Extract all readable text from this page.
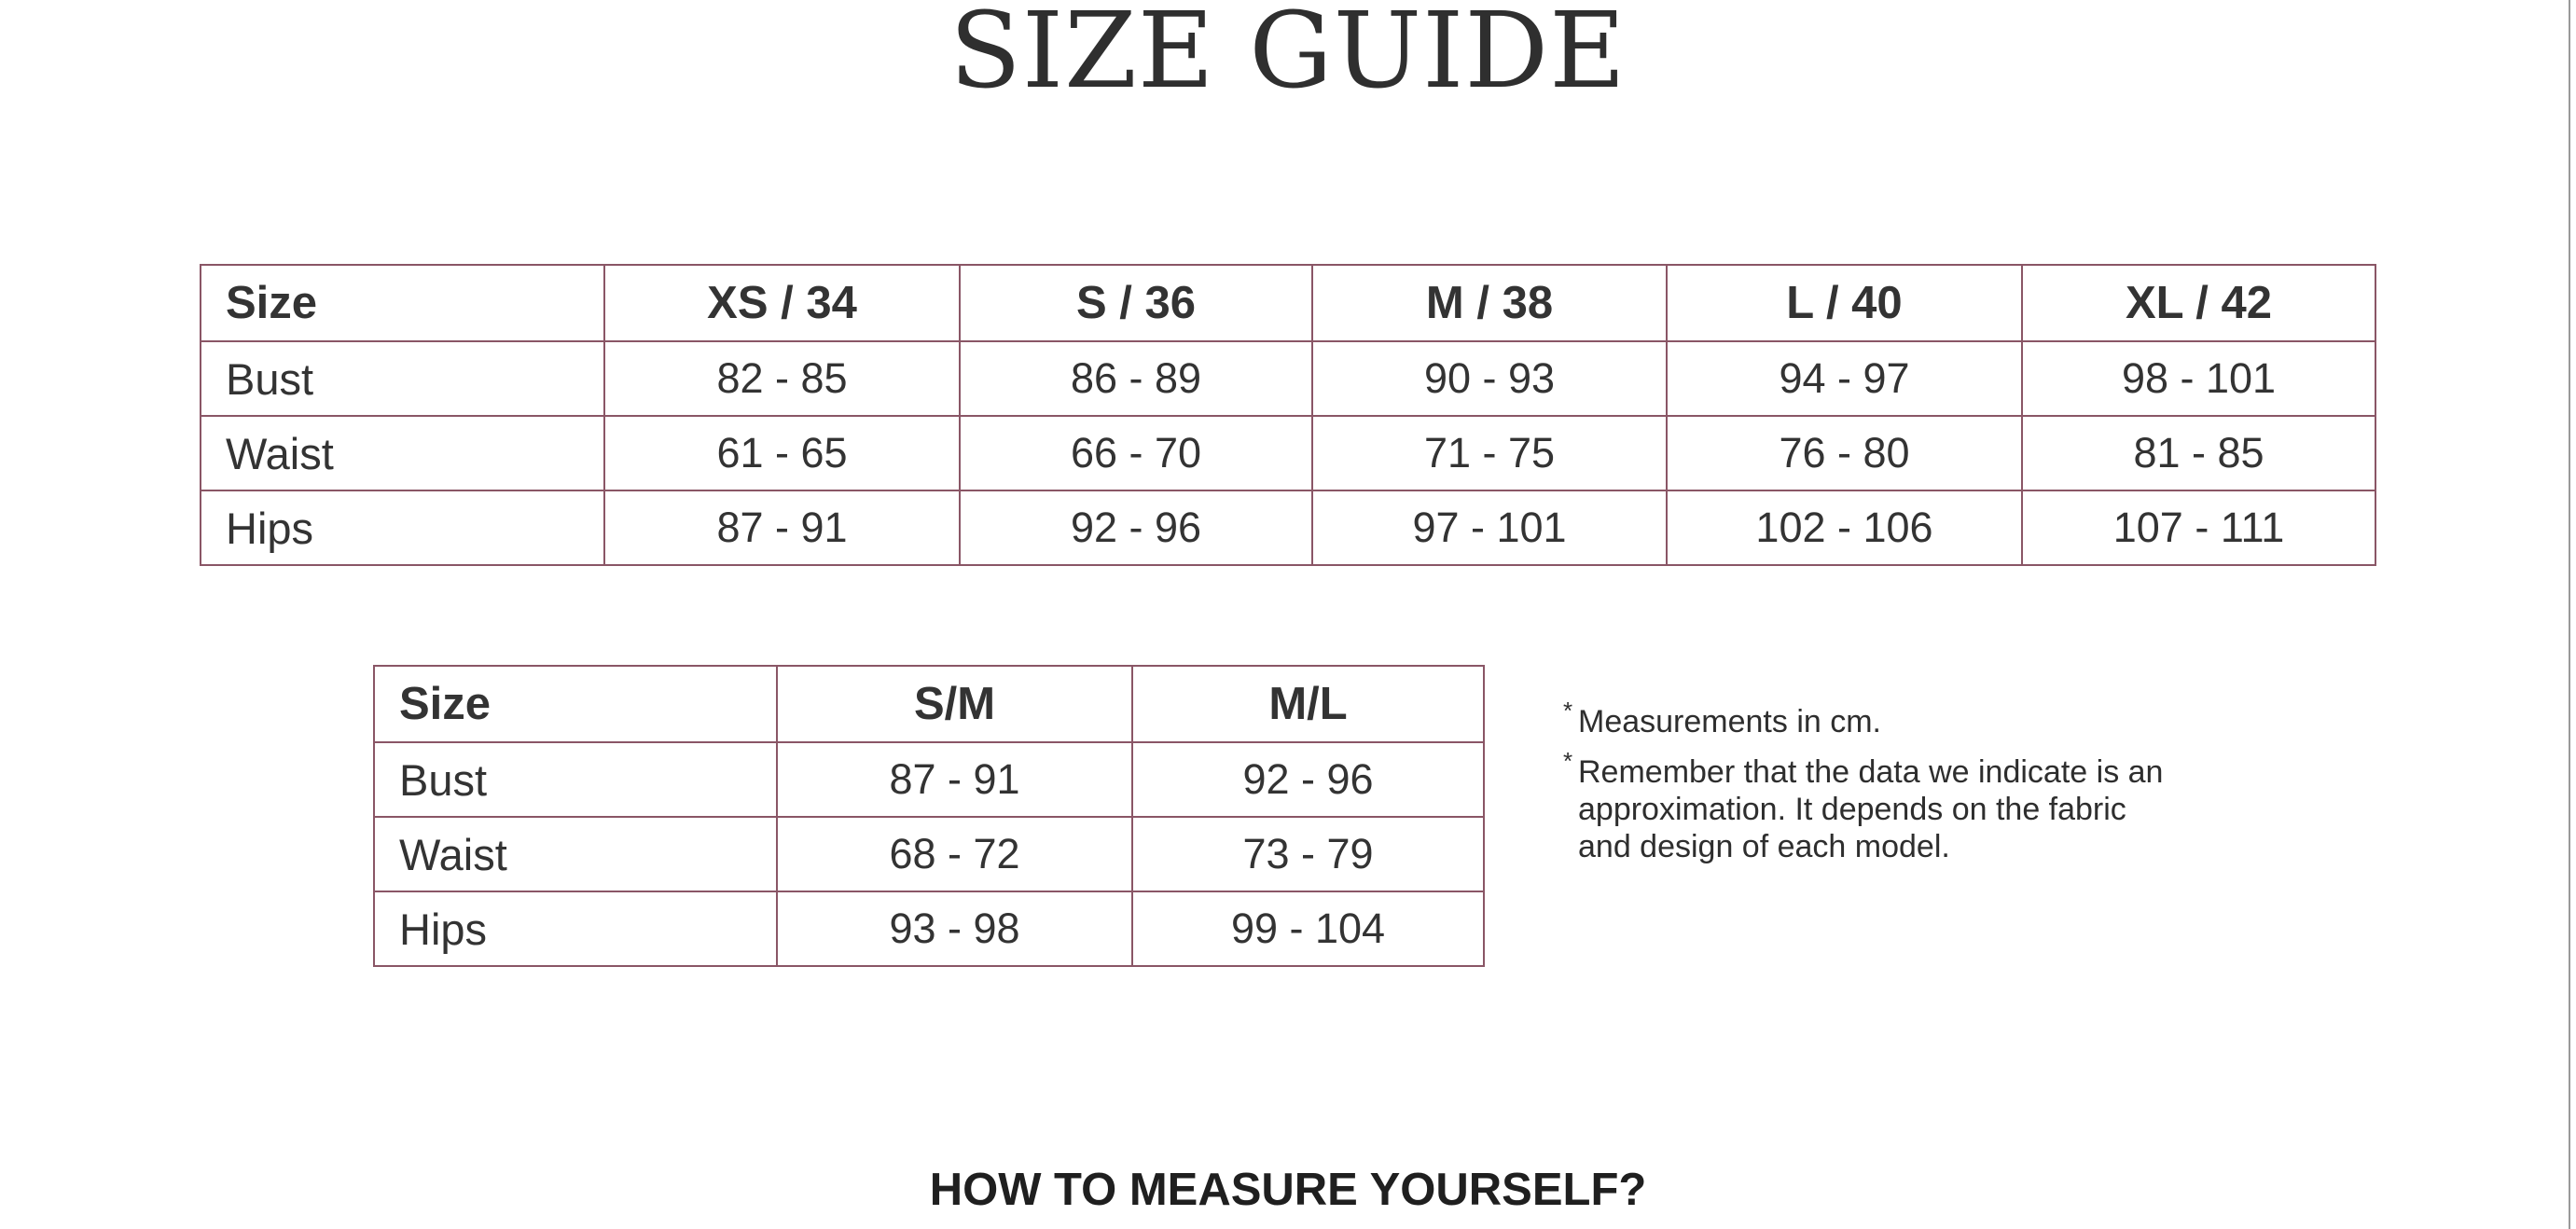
SIZE GUIDE
Size	XS / 34	S / 36	M / 38	L / 40	XL / 42
Bust	82 - 85	86 - 89	90 - 93	94 - 97	98 - 101
Waist	61 - 65	66 - 70	71 - 75	76 - 80	81 - 85
Hips	87 - 91	92 - 96	97 - 101	102 - 106	107 - 111
Size	S/M	M/L
Bust	87 - 91	92 - 96
Waist	68 - 72	73 - 79
Hips	93 - 98	99 - 104
* Measurements in cm.
* Remember that the data we indicate is an
approximation. It depends on the fabric
and design of each model.
HOW TO MEASURE YOURSELF?
